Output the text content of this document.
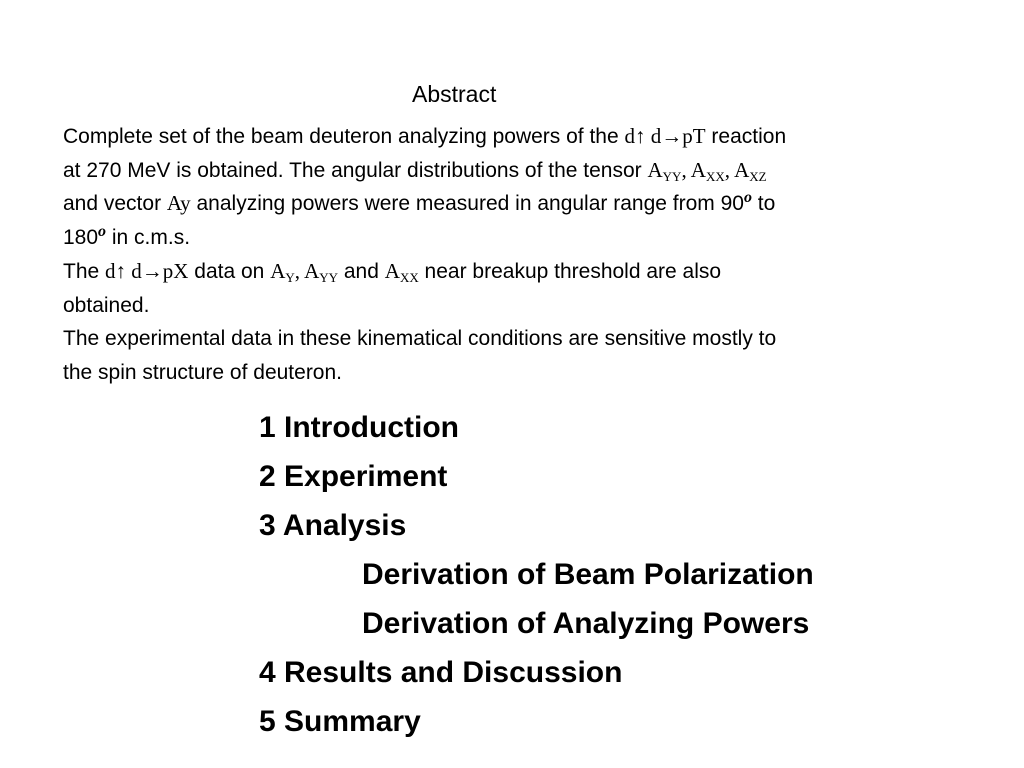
Abstract
Complete set of the beam deuteron analyzing powers of the d↑ d→pT reaction
at 270 MeV is obtained. The angular distributions of the tensor $A_{YY}$, $A_{XX}$, $A_{XZ}$
and vector Ay analyzing powers were measured in angular range from 90$^o$ to
180$^o$ in c.m.s.
The d↑ d→pX data on $A_Y$, $A_{YY}$ and $A_{XX}$ near breakup threshold are also
obtained.
The experimental data in these kinematical conditions are sensitive mostly to
the spin structure of deuteron.
1 Introduction
2 Experiment
3 Analysis
Derivation of Beam Polarization
Derivation of Analyzing Powers
4 Results and Discussion
5 Summary
